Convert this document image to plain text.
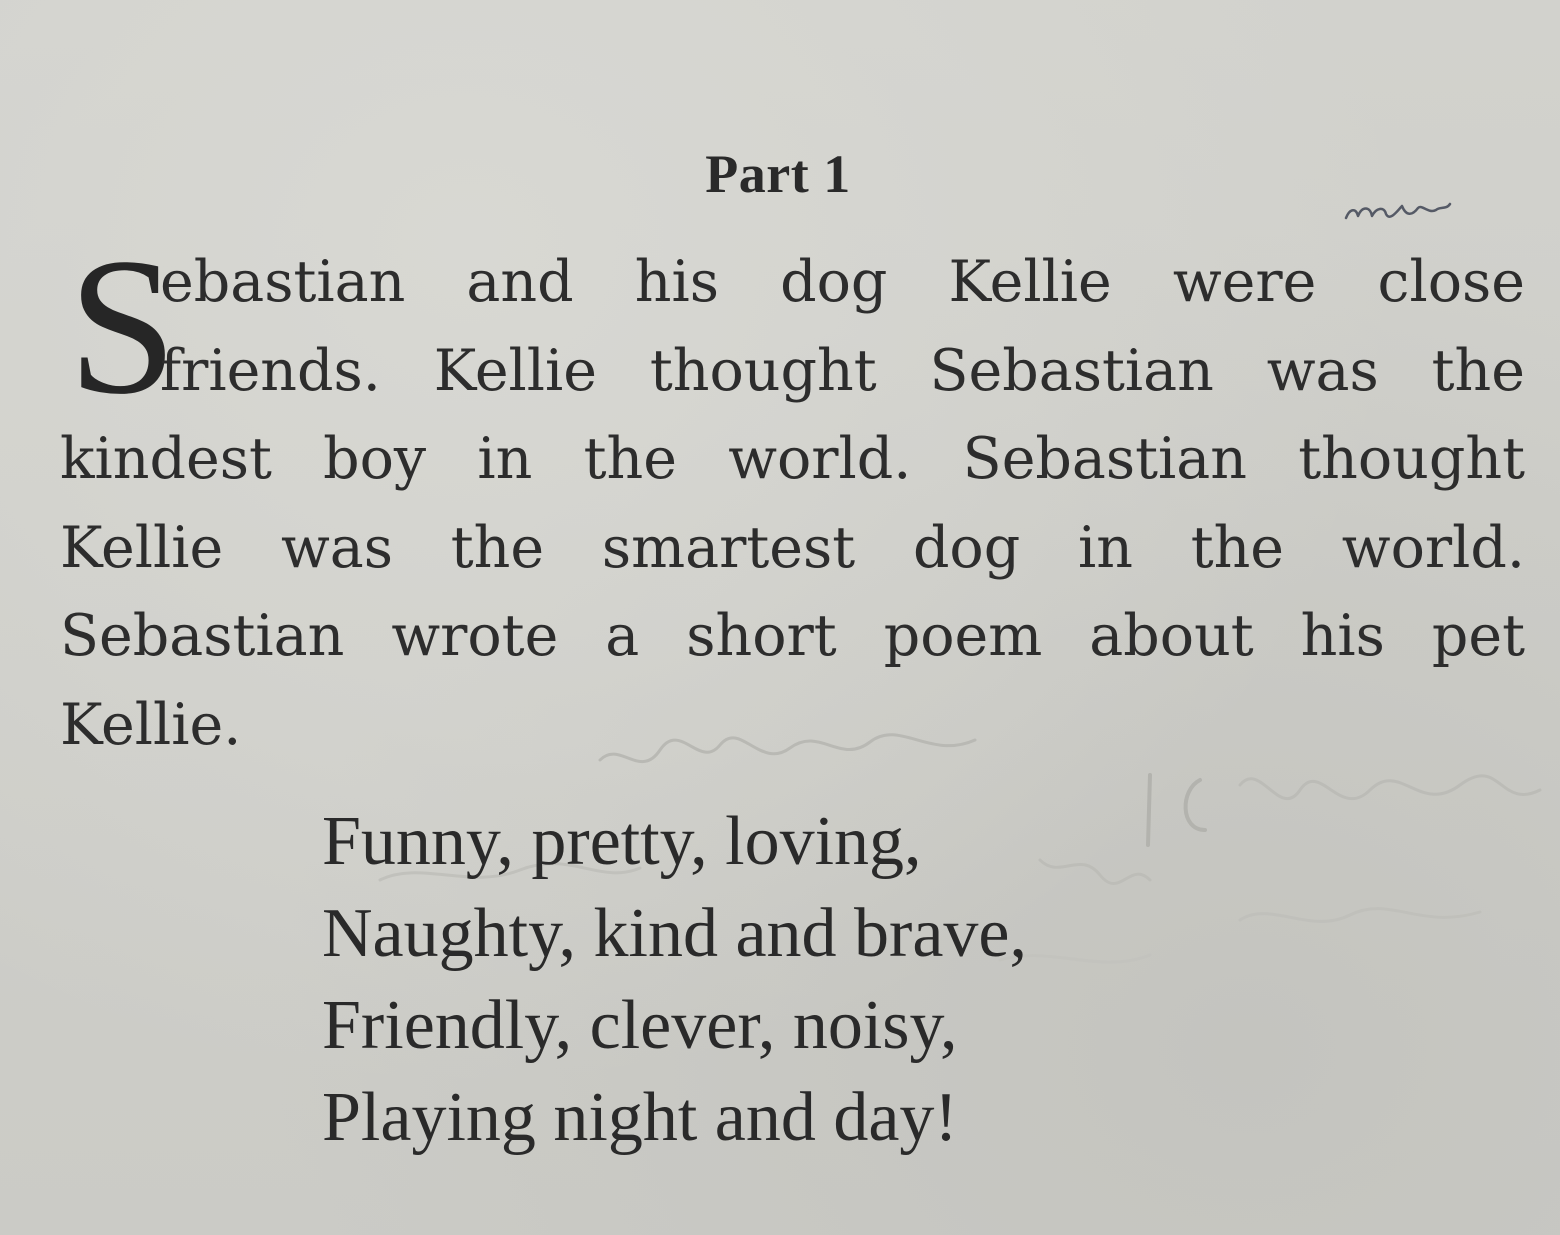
Part 1
S
ebastian and his dog Kellie were close
friends. Kellie thought Sebastian was the
kindest boy in the world. Sebastian thought
Kellie was the smartest dog in the world.
Sebastian wrote a short poem about his pet
Kellie.
Funny, pretty, loving,
Naughty, kind and brave,
Friendly, clever, noisy,
Playing night and day!
